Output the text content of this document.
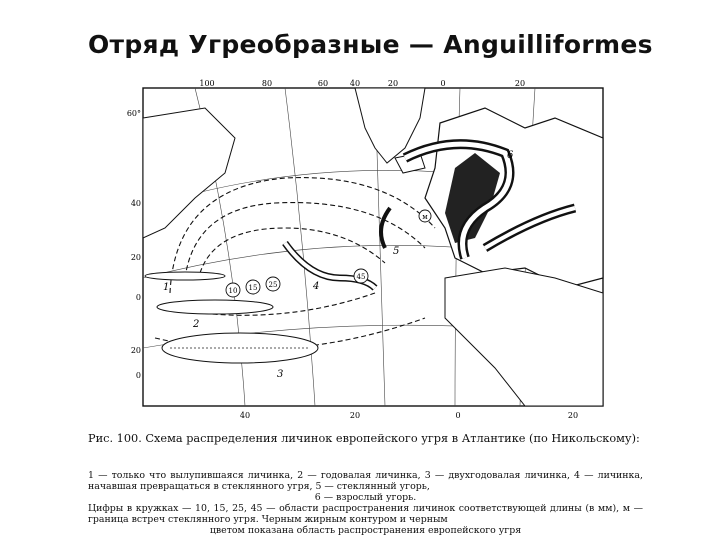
Отряд Угреобразные — Anguilliformes
10 15 25
45
м
1
2
3
4
5
6
100	80	60	40	20	0	20
60°
40
20
0
20
0
40	20	0	20
Рис. 100. Схема распределения личинок европейского угря в Атлантике (по Никольскому):

1 — только что вылупившаяся личинка, 2 — годовалая личинка, 3 — двухгодовалая личинка, 4 — личинка, начавшая превращаться в стеклянного угря, 5 — стеклянный угорь,

6 — взрослый угорь.

Цифры в кружках — 10, 15, 25, 45 — области распространения личинок соответствующей длины (в мм), м — граница встреч стеклянного угря. Черным жирным контуром и черным

цветом показана область распространения европейского угря
